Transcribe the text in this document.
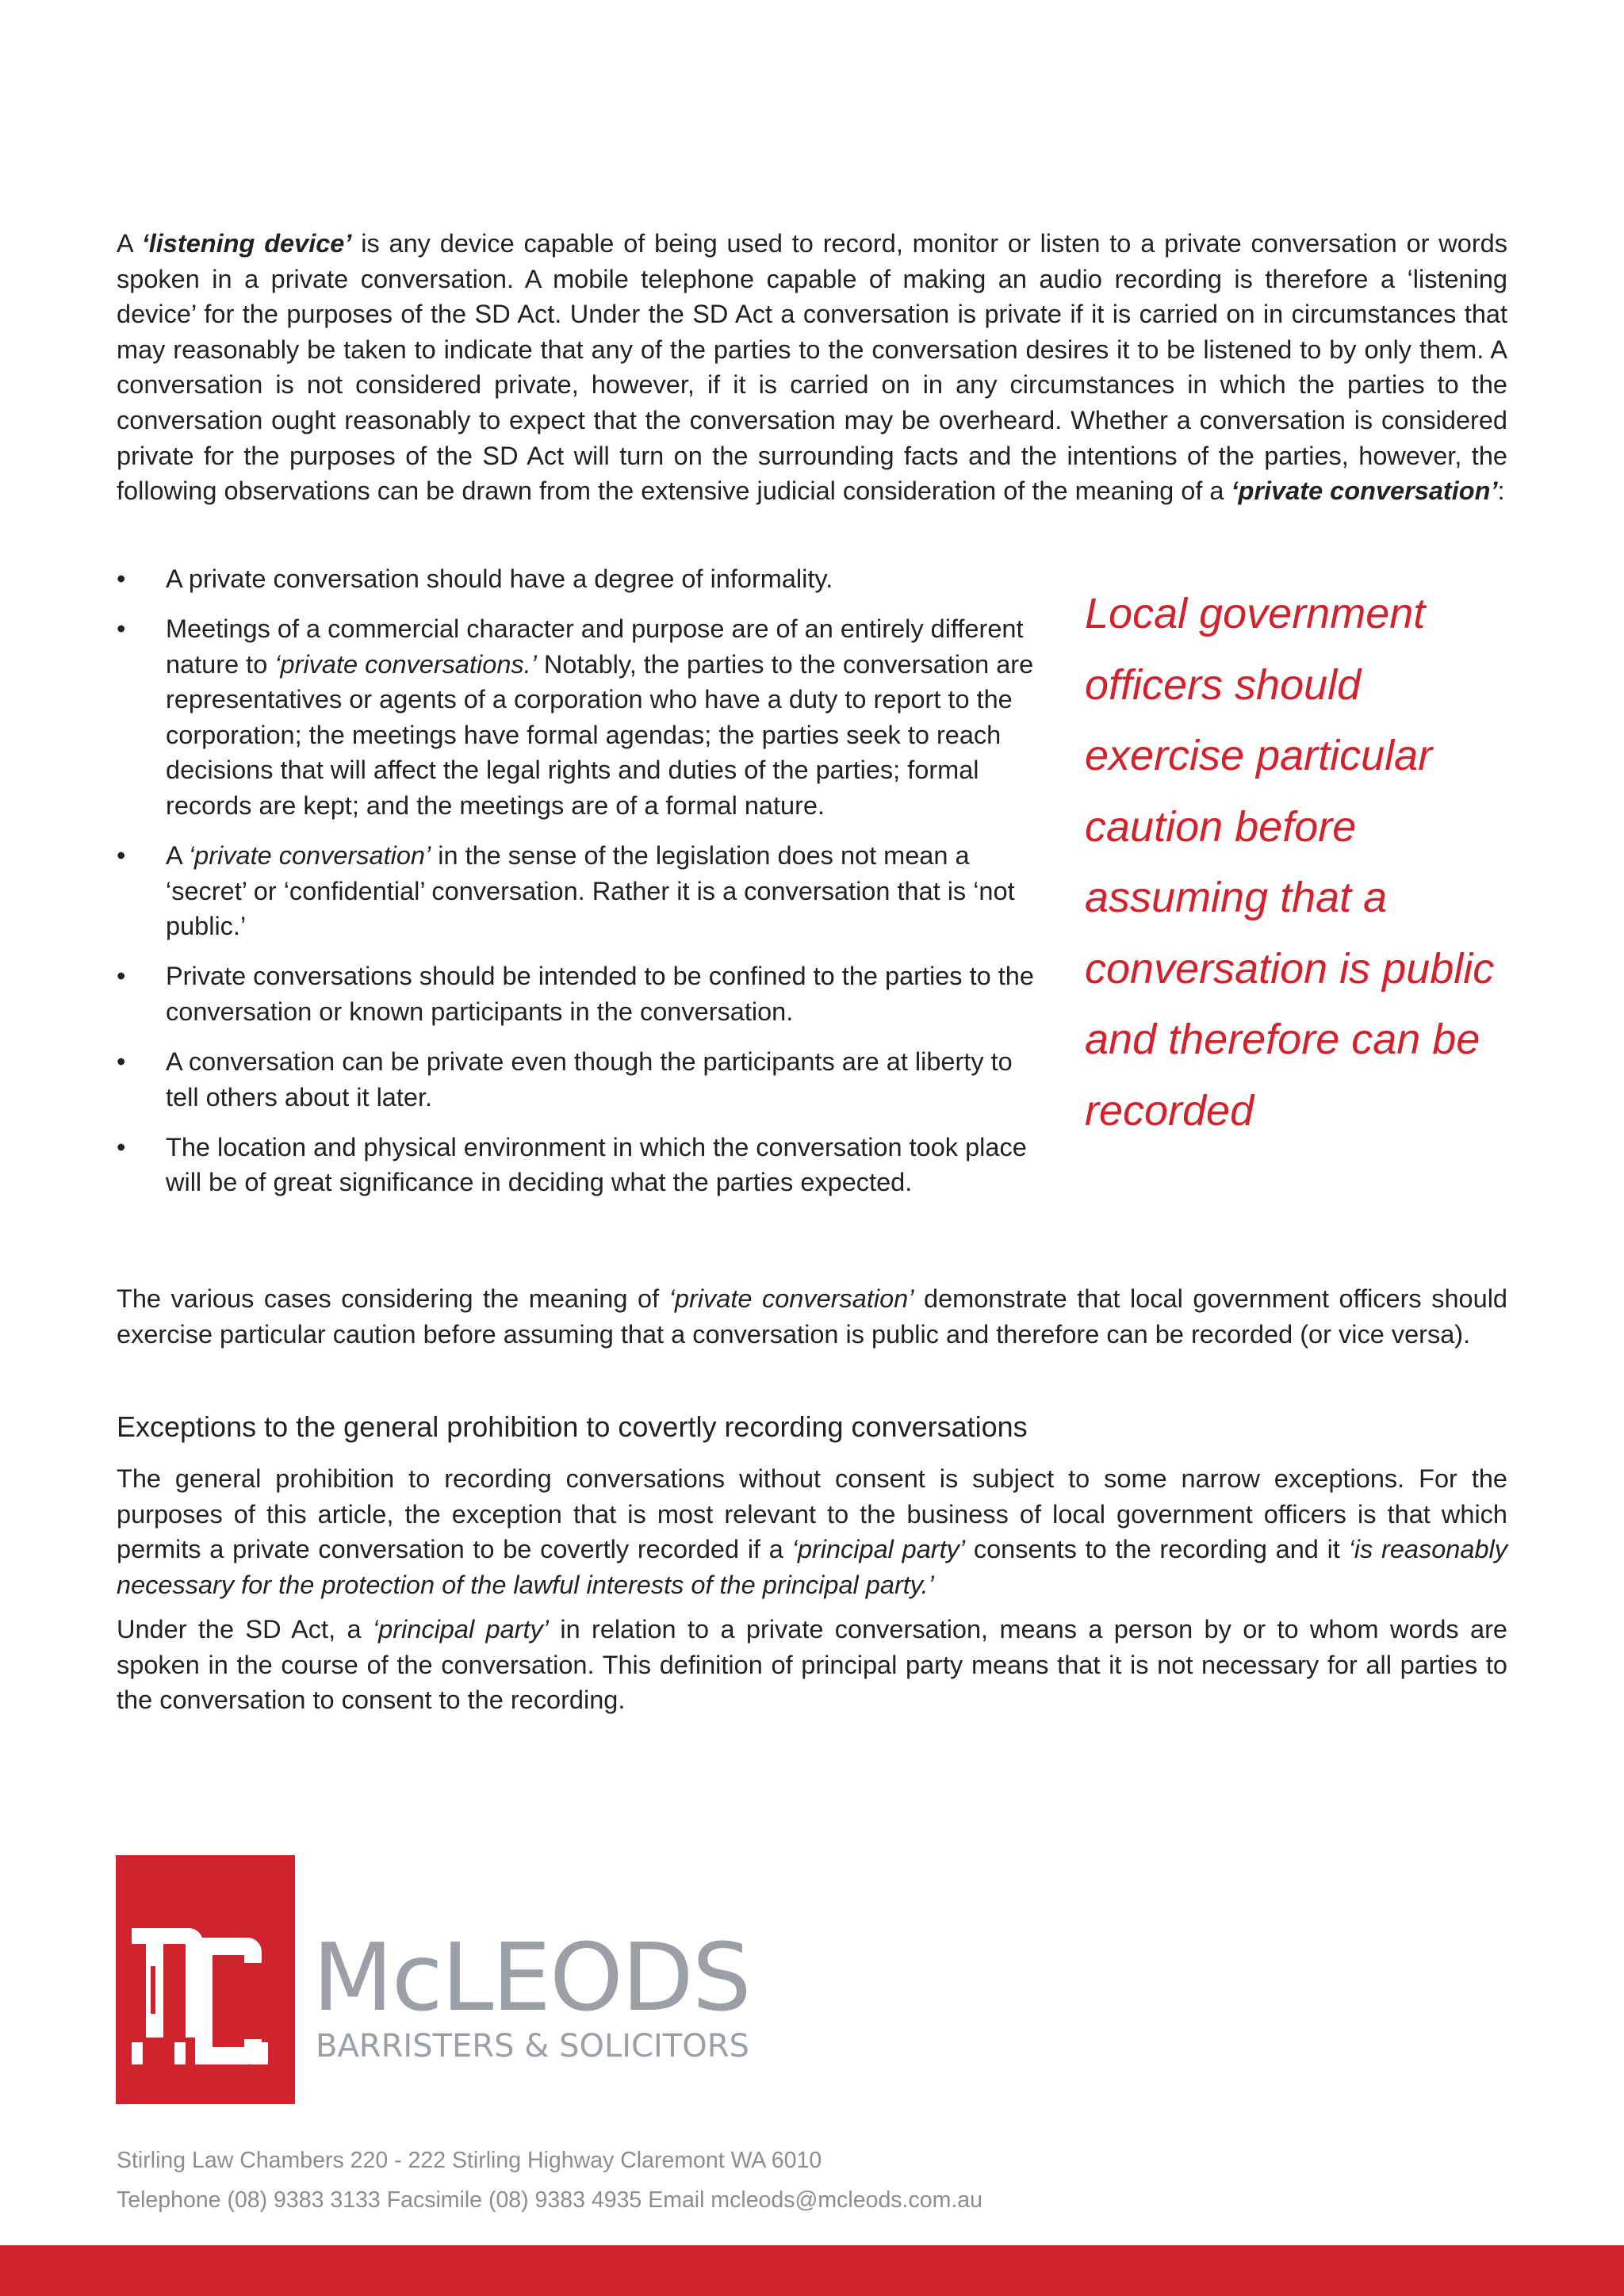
A ‘listening device’ is any device capable of being used to record, monitor or listen to a private conversation or words spoken in a private conversation. A mobile telephone capable of making an audio recording is therefore a ‘listening device’ for the purposes of the SD Act. Under the SD Act a conversation is private if it is carried on in circumstances that may reasonably be taken to indicate that any of the parties to the conversation desires it to be listened to by only them. A conversation is not considered private, however, if it is carried on in any circumstances in which the parties to the conversation ought reasonably to expect that the conversation may be overheard. Whether a conversation is considered private for the purposes of the SD Act will turn on the surrounding facts and the intentions of the parties, however, the following observations can be drawn from the extensive judicial consideration of the meaning of a ‘private conversation’:

• A private conversation should have a degree of informality.
• Meetings of a commercial character and purpose are of an entirely different nature to ‘private conversations.’ Notably, the parties to the conversation are representatives or agents of a corporation who have a duty to report to the corporation; the meetings have formal agendas; the parties seek to reach decisions that will affect the legal rights and duties of the parties; formal records are kept; and the meetings are of a formal nature.
• A ‘private conversation’ in the sense of the legislation does not mean a ‘secret’ or ‘confidential’ conversation. Rather it is a conversation that is ‘not public.’
• Private conversations should be intended to be confined to the parties to the conversation or known participants in the conversation.
• A conversation can be private even though the participants are at liberty to tell others about it later.
• The location and physical environment in which the conversation took place will be of great significance in deciding what the parties expected.
Local government
officers should
exercise particular
caution before
assuming that a
conversation is public
and therefore can be
recorded

The various cases considering the meaning of ‘private conversation’ demonstrate that local government officers should exercise particular caution before assuming that a conversation is public and therefore can be recorded (or vice versa).

Exceptions to the general prohibition to covertly recording conversations

The general prohibition to recording conversations without consent is subject to some narrow exceptions. For the purposes of this article, the exception that is most relevant to the business of local government officers is that which permits a private conversation to be covertly recorded if a ‘principal party’ consents to the recording and it ‘is reasonably necessary for the protection of the lawful interests of the principal party.’

Under the SD Act, a ‘principal party’ in relation to a private conversation, means a person by or to whom words are spoken in the course of the conversation. This definition of principal party means that it is not necessary for all parties to the conversation to consent to the recording.

McLEODS
BARRISTERS & SOLICITORS
Stirling Law Chambers 220 - 222 Stirling Highway Claremont WA 6010
Telephone (08) 9383 3133 Facsimile (08) 9383 4935 Email mcleods@mcleods.com.au
